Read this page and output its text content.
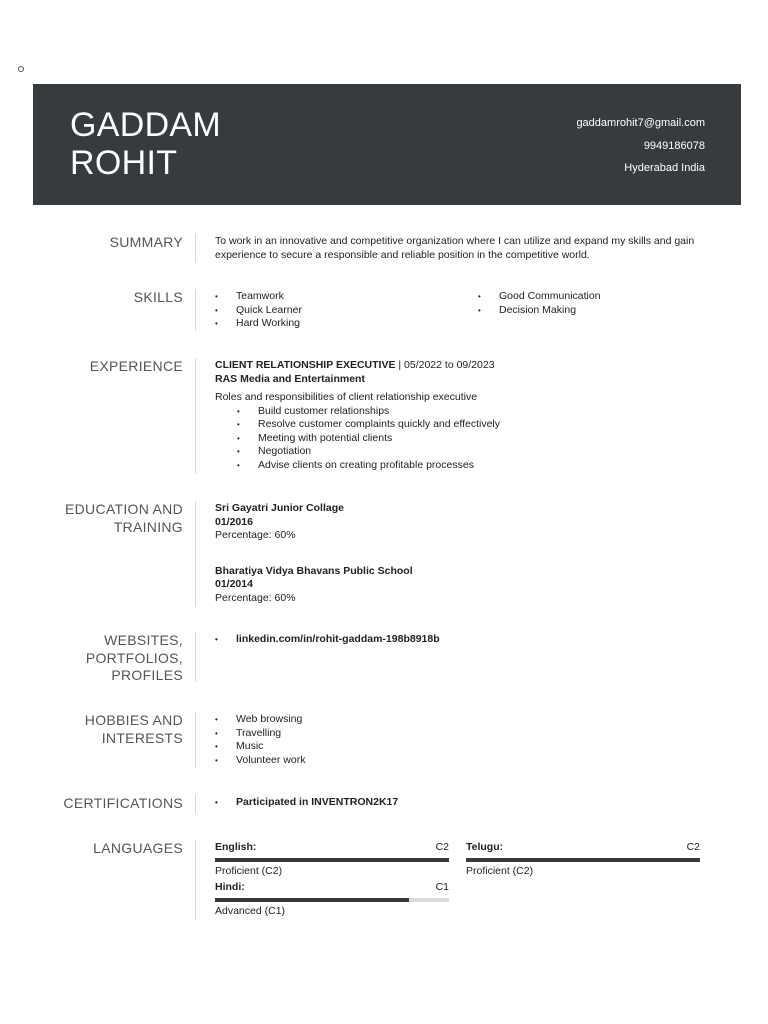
GADDAM
ROHIT
gaddamrohit7@gmail.com
9949186078
Hyderabad India
SUMMARY	To work in an innovative and competitive organization where I can utilize and expand my skills and gain experience to secure a responsible and reliable position in the competitive world.
SKILLS	• Teamwork
• Quick Learner
• Hard Working
• Good Communication
• Decision Making
EXPERIENCE	CLIENT RELATIONSHIP EXECUTIVE | 05/2022 to 09/2023
RAS Media and Entertainment
Roles and responsibilities of client relationship executive
• Build customer relationships
• Resolve customer complaints quickly and effectively
• Meeting with potential clients
• Negotiation
• Advise clients on creating profitable processes
EDUCATION AND
TRAINING
Sri Gayatri Junior Collage
01/2016
Percentage: 60%
Bharatiya Vidya Bhavans Public School
01/2014
Percentage: 60%
WEBSITES,
PORTFOLIOS,
PROFILES
• linkedin.com/in/rohit-gaddam-198b8918b
HOBBIES AND
INTERESTS
• Web browsing
• Travelling
• Music
• Volunteer work
CERTIFICATIONS	• Participated in INVENTRON2K17
LANGUAGES	English:	C2
Proficient (C2)
Telugu:	C2
Proficient (C2)
Hindi:	C1
Advanced (C1)
